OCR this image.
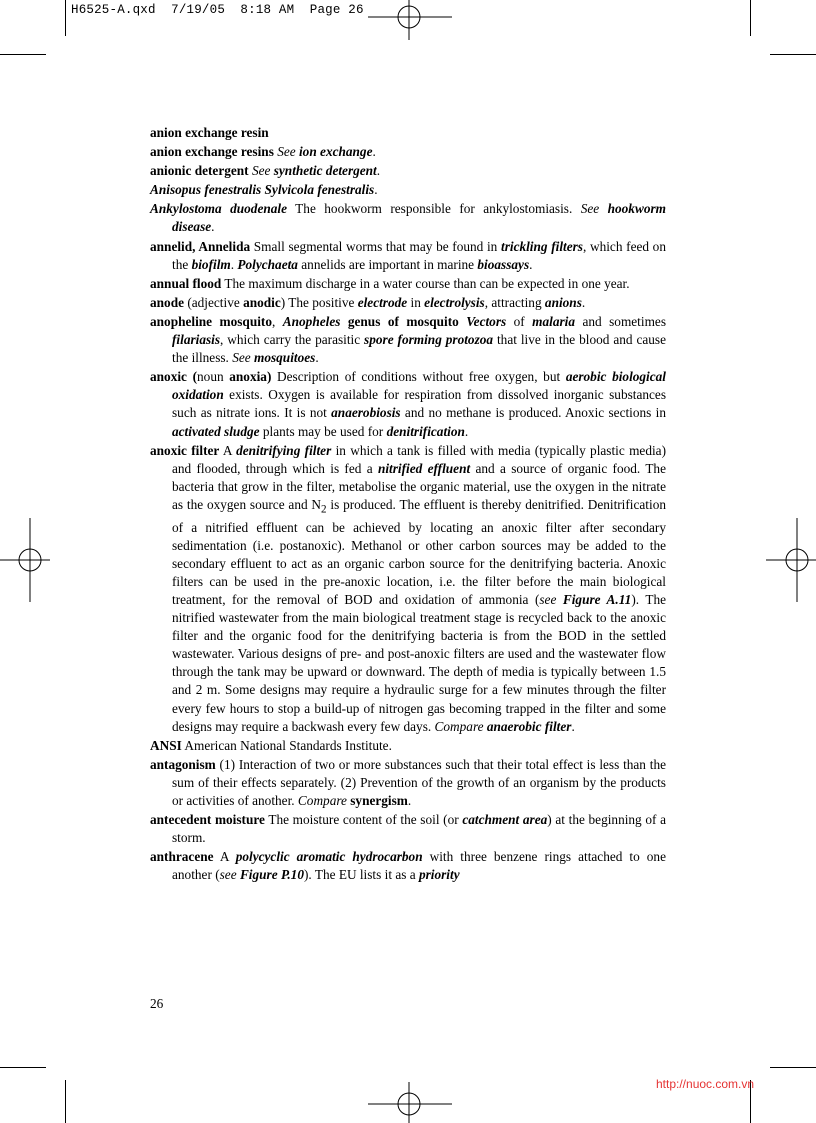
H6525-A.qxd  7/19/05  8:18 AM  Page 26

anion exchange resin

anion exchange resins See ion exchange.

anionic detergent See synthetic detergent.

Anisopus fenestralis Sylvicola fenestralis.

Ankylostoma duodenale The hookworm responsible for ankylostomiasis. See hookworm disease.

annelid, Annelida Small segmental worms that may be found in trickling filters, which feed on the biofilm. Polychaeta annelids are important in marine bioassays.

annual flood The maximum discharge in a water course than can be expected in one year.

anode (adjective anodic) The positive electrode in electrolysis, attracting anions.

anopheline mosquito, Anopheles genus of mosquito Vectors of malaria and sometimes filariasis, which carry the parasitic spore forming protozoa that live in the blood and cause the illness. See mosquitoes.

anoxic (noun anoxia) Description of conditions without free oxygen, but aerobic biological oxidation exists. Oxygen is available for respiration from dissolved inorganic substances such as nitrate ions. It is not anaerobiosis and no methane is produced. Anoxic sections in activated sludge plants may be used for denitrification.

anoxic filter A denitrifying filter in which a tank is filled with media (typically plastic media) and flooded, through which is fed a nitrified effluent and a source of organic food. The bacteria that grow in the filter, metabolise the organic material, use the oxygen in the nitrate as the oxygen source and $N_2$ is produced. The effluent is thereby denitrified. Denitrification of a nitrified effluent can be achieved by locating an anoxic filter after secondary sedimentation (i.e. postanoxic). Methanol or other carbon sources may be added to the secondary effluent to act as an organic carbon source for the denitrifying bacteria. Anoxic filters can be used in the pre-anoxic location, i.e. the filter before the main biological treatment, for the removal of BOD and oxidation of ammonia (see Figure A.11). The nitrified wastewater from the main biological treatment stage is recycled back to the anoxic filter and the organic food for the denitrifying bacteria is from the BOD in the settled wastewater. Various designs of pre- and post-anoxic filters are used and the wastewater flow through the tank may be upward or downward. The depth of media is typically between 1.5 and 2 m. Some designs may require a hydraulic surge for a few minutes through the filter every few hours to stop a build-up of nitrogen gas becoming trapped in the filter and some designs may require a backwash every few days. Compare anaerobic filter.

ANSI American National Standards Institute.

antagonism (1) Interaction of two or more substances such that their total effect is less than the sum of their effects separately. (2) Prevention of the growth of an organism by the products or activities of another. Compare synergism.

antecedent moisture The moisture content of the soil (or catchment area) at the beginning of a storm.

anthracene A polycyclic aromatic hydrocarbon with three benzene rings attached to one another (see Figure P.10). The EU lists it as a priority

26
http://nuoc.com.vn
